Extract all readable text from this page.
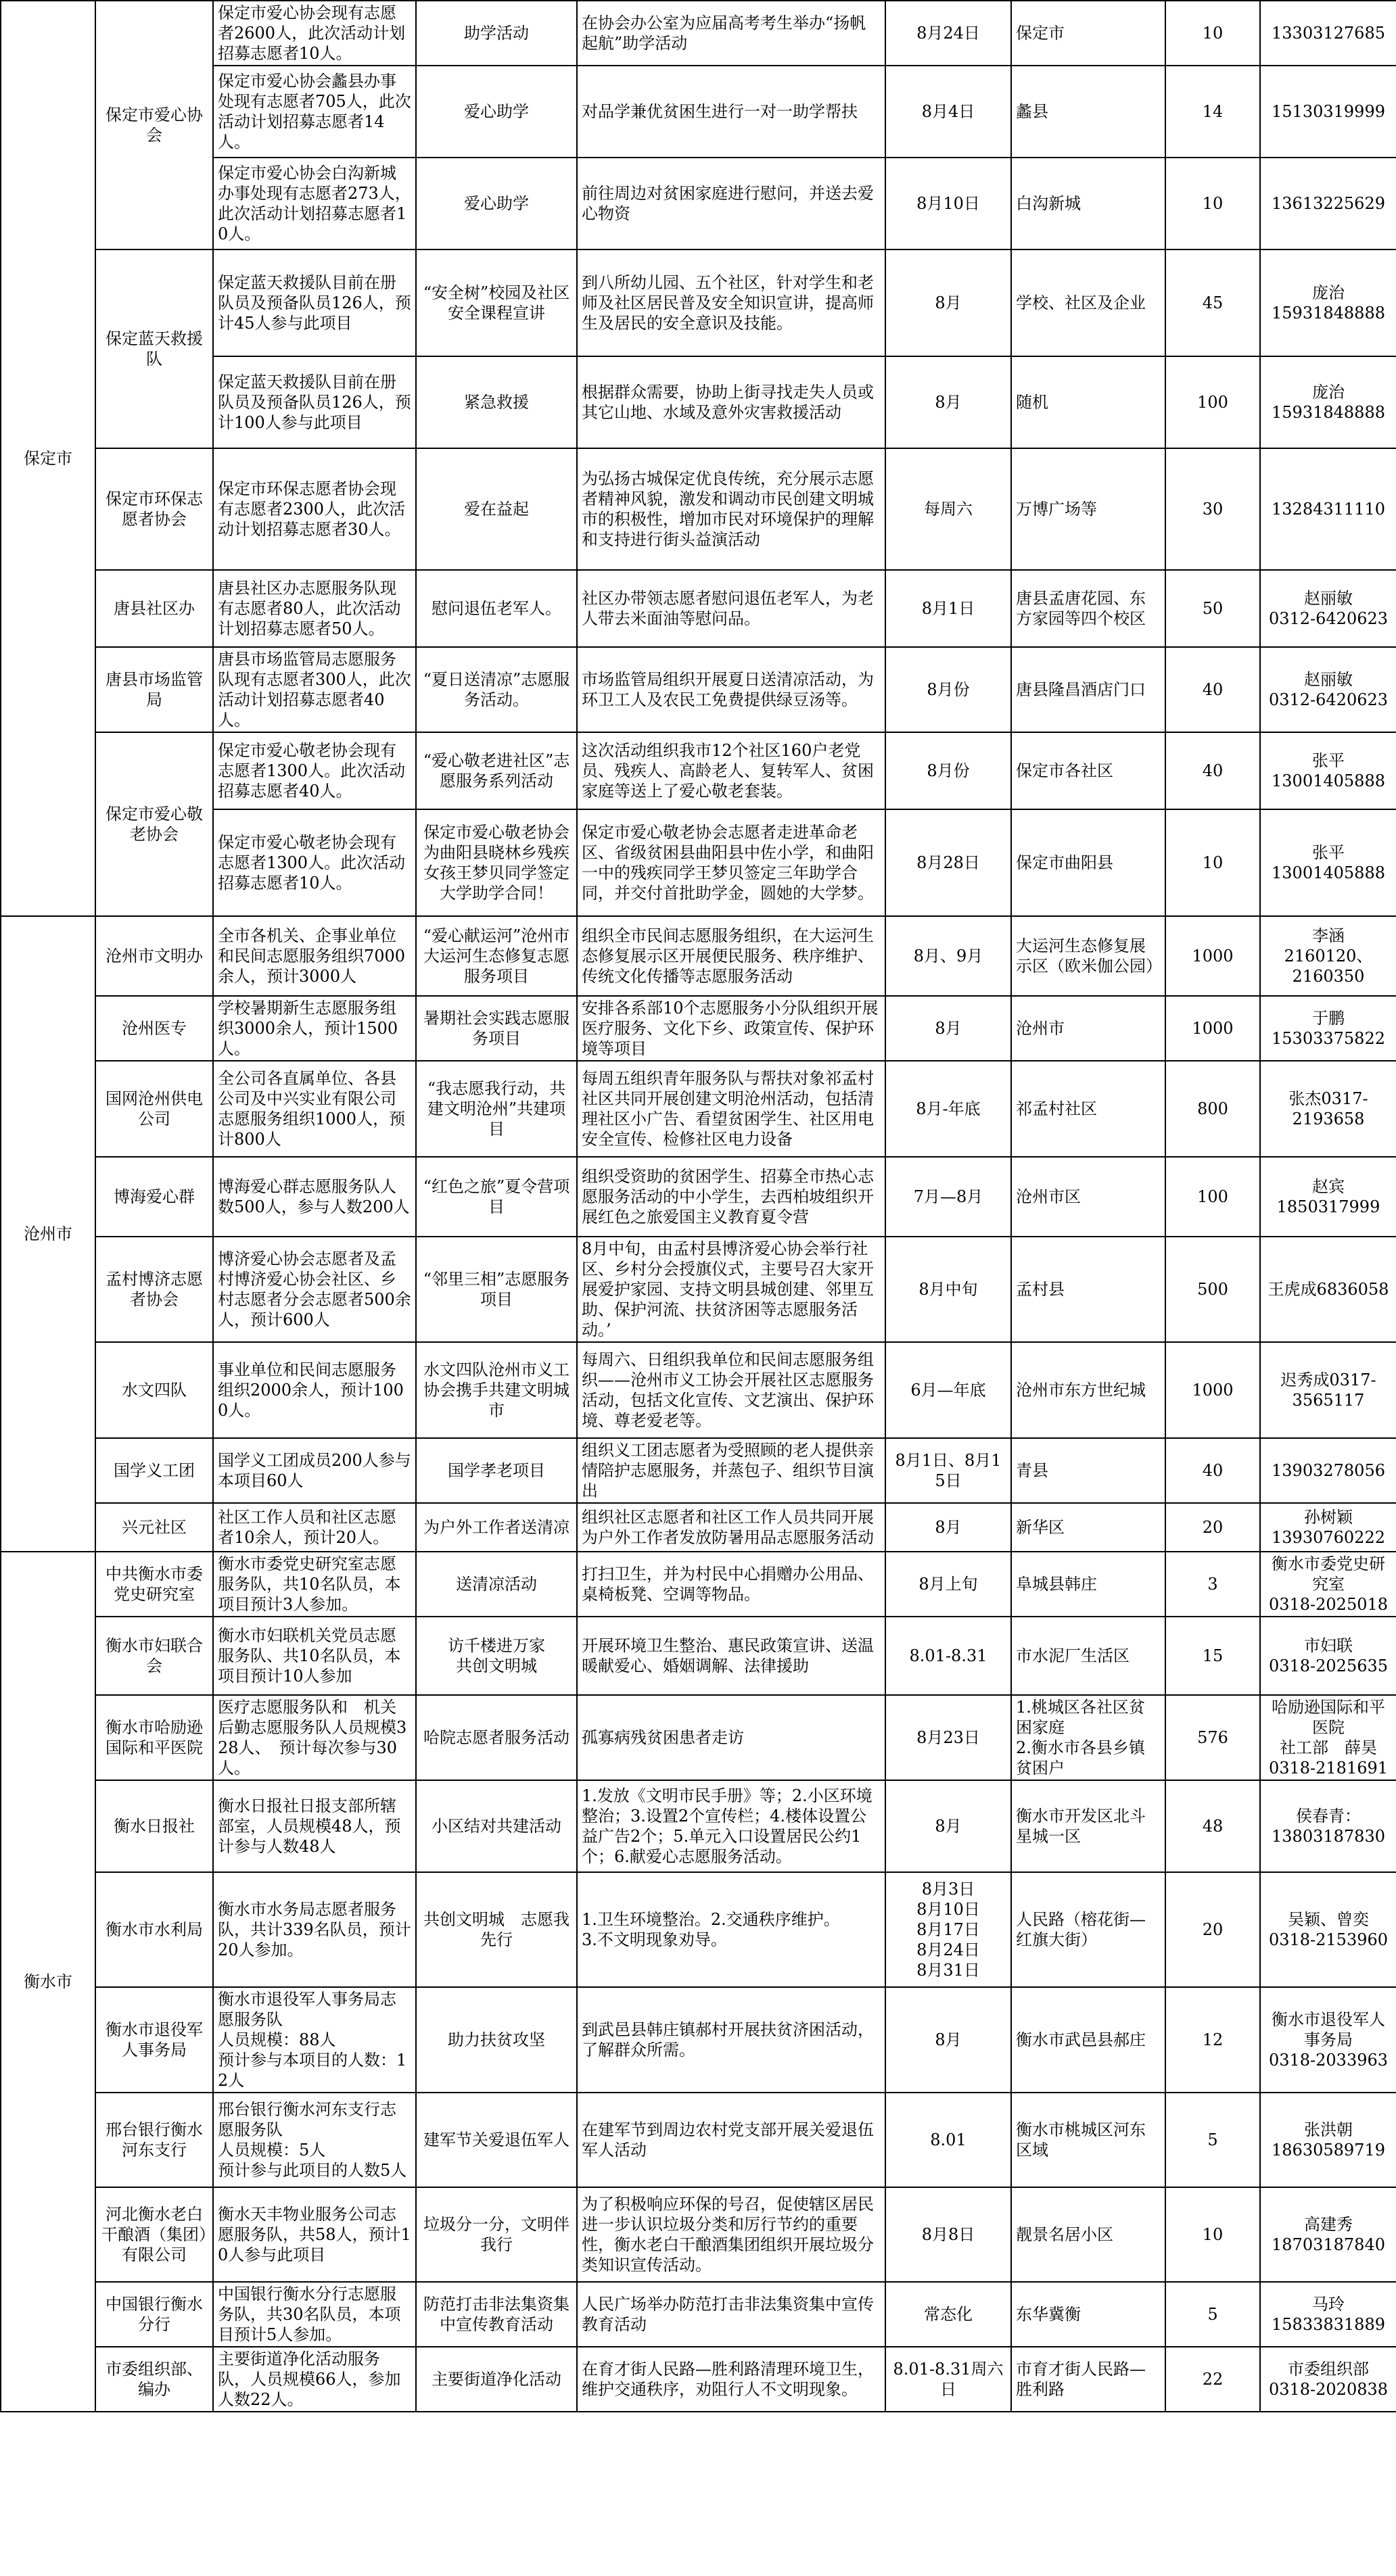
保定市	保定市爱心协会	保定市爱心协会现有志愿者2600人，此次活动计划招募志愿者10人。	助学活动	在协会办公室为应届高考考生举办“扬帆起航”助学活动	8月24日	保定市	10	13303127685
		保定市爱心协会蠡县办事处现有志愿者705人，此次活动计划招募志愿者14人。	爱心助学	对品学兼优贫困生进行一对一助学帮扶	8月4日	蠡县	14	15130319999
		保定市爱心协会白沟新城办事处现有志愿者273人，此次活动计划招募志愿者10人。	爱心助学	前往周边对贫困家庭进行慰问，并送去爱心物资	8月10日	白沟新城	10	13613225629
	保定蓝天救援队	保定蓝天救援队目前在册队员及预备队员126人，预计45人参与此项目	“安全树”校园及社区安全课程宣讲	到八所幼儿园、五个社区，针对学生和老师及社区居民普及安全知识宣讲，提高师生及居民的安全意识及技能。	8月	学校、社区及企业	45	庞治
15931848888
		保定蓝天救援队目前在册队员及预备队员126人，预计100人参与此项目	紧急救援	根据群众需要，协助上街寻找走失人员或其它山地、水域及意外灾害救援活动	8月	随机	100	庞治
15931848888
	保定市环保志愿者协会	保定市环保志愿者协会现有志愿者2300人，此次活动计划招募志愿者30人。	爱在益起	为弘扬古城保定优良传统，充分展示志愿者精神风貌，激发和调动市民创建文明城市的积极性，增加市民对环境保护的理解和支持进行街头益演活动	每周六	万博广场等	30	13284311110
	唐县社区办	唐县社区办志愿服务队现有志愿者80人，此次活动计划招募志愿者50人。	慰问退伍老军人。	社区办带领志愿者慰问退伍老军人，为老人带去米面油等慰问品。	8月1日	唐县孟唐花园、东方家园等四个校区	50	赵丽敏
0312-6420623
	唐县市场监管局	唐县市场监管局志愿服务队现有志愿者300人，此次活动计划招募志愿者40人。	“夏日送清凉”志愿服务活动。	市场监管局组织开展夏日送清凉活动，为环卫工人及农民工免费提供绿豆汤等。	8月份	唐县隆昌酒店门口	40	赵丽敏
0312-6420623
	保定市爱心敬老协会	保定市爱心敬老协会现有志愿者1300人。此次活动招募志愿者40人。	“爱心敬老进社区”志愿服务系列活动	这次活动组织我市12个社区160户老党员、残疾人、高龄老人、复转军人、贫困家庭等送上了爱心敬老套装。	8月份	保定市各社区	40	张平
13001405888
		保定市爱心敬老协会现有志愿者1300人。此次活动招募志愿者10人。	保定市爱心敬老协会为曲阳县晓林乡残疾女孩王梦贝同学签定大学助学合同！	保定市爱心敬老协会志愿者走进革命老区、省级贫困县曲阳县中佐小学，和曲阳一中的残疾同学王梦贝签定三年助学合同，并交付首批助学金，圆她的大学梦。	8月28日	保定市曲阳县	10	张平
13001405888
沧州市	沧州市文明办	全市各机关、企事业单位和民间志愿服务组织7000余人，预计3000人	“爱心献运河”沧州市大运河生态修复志愿服务项目	组织全市民间志愿服务组织，在大运河生态修复展示区开展便民服务、秩序维护、传统文化传播等志愿服务活动	8月、9月	大运河生态修复展示区（欧米伽公园）	1000	李涵
2160120、
2160350
	沧州医专	学校暑期新生志愿服务组织3000余人，预计1500人。	暑期社会实践志愿服务项目	安排各系部10个志愿服务小分队组织开展医疗服务、文化下乡、政策宣传、保护环境等项目	8月	沧州市	1000	于鹏
15303375822
	国网沧州供电公司	全公司各直属单位、各县公司及中兴实业有限公司志愿服务组织1000人，预计800人	“我志愿我行动，共建文明沧州”共建项目	每周五组织青年服务队与帮扶对象祁孟村社区共同开展创建文明沧州活动，包括清理社区小广告、看望贫困学生、社区用电安全宣传、检修社区电力设备	8月-年底	祁孟村社区	800	张杰0317-
2193658
	博海爱心群	博海爱心群志愿服务队人数500人，参与人数200人	“红色之旅”夏令营项目	组织受资助的贫困学生、招募全市热心志愿服务活动的中小学生，去西柏坡组织开展红色之旅爱国主义教育夏令营	7月—8月	沧州市区	100	赵宾
1850317999
	孟村博济志愿者协会	博济爱心协会志愿者及孟村博济爱心协会社区、乡村志愿者分会志愿者500余人，预计600人	“邻里三相”志愿服务项目	8月中旬，由孟村县博济爱心协会举行社区、乡村分会授旗仪式，主要号召大家开展爱护家园、支持文明县城创建、邻里互助、保护河流、扶贫济困等志愿服务活动。’	8月中旬	孟村县	500	王虎成6836058
	水文四队	事业单位和民间志愿服务组织2000余人，预计1000人。	水文四队沧州市义工协会携手共建文明城市	每周六、日组织我单位和民间志愿服务组织——沧州市义工协会开展社区志愿服务活动，包括文化宣传、文艺演出、保护环境、尊老爱老等。	6月—年底	沧州市东方世纪城	1000	迟秀成0317-
3565117
	国学义工团	国学义工团成员200人参与本项目60人	国学孝老项目	组织义工团志愿者为受照顾的老人提供亲情陪护志愿服务，并蒸包子、组织节目演出	8月1日、8月15日	青县	40	13903278056
	兴元社区	社区工作人员和社区志愿者10余人，预计20人。	为户外工作者送清凉	组织社区志愿者和社区工作人员共同开展为户外工作者发放防暑用品志愿服务活动	8月	新华区	20	孙树颖
13930760222
衡水市	中共衡水市委党史研究室	衡水市委党史研究室志愿服务队，共10名队员，本项目预计3人参加。	送清凉活动	打扫卫生，并为村民中心捐赠办公用品、桌椅板凳、空调等物品。	8月上旬	阜城县韩庄	3	衡水市委党史研究室
0318-2025018
	衡水市妇联合会	衡水市妇联机关党员志愿服务队、共10名队员，本项目预计10人参加	访千楼进万家
共创文明城	开展环境卫生整治、惠民政策宣讲、送温暖献爱心、婚姻调解、法律援助	8.01-8.31	市水泥厂生活区	15	市妇联
0318-2025635
	衡水市哈励逊国际和平医院	医疗志愿服务队和　机关后勤志愿服务队人员规模328人、　预计每次参与30人。	哈院志愿者服务活动	孤寡病残贫困患者走访	8月23日	1.桃城区各社区贫困家庭
2.衡水市各县乡镇贫困户	576	哈励逊国际和平医院
社工部　薛昊
0318-2181691
	衡水日报社	衡水日报社日报支部所辖部室，人员规模48人，预计参与人数48人	小区结对共建活动	1.发放《文明市民手册》等；2.小区环境整治；3.设置2个宣传栏；4.楼体设置公益广告2个；5.单元入口设置居民公约1个；6.献爱心志愿服务活动。	8月	衡水市开发区北斗星城一区	48	侯春青：
13803187830
	衡水市水利局	衡水市水务局志愿者服务队，共计339名队员，预计20人参加。	共创文明城　志愿我先行	1.卫生环境整治。2.交通秩序维护。
3.不文明现象劝导。	8月3日
8月10日
8月17日
8月24日
8月31日	人民路（榕花街—红旗大街）	20	吴颖、曾奕
0318-2153960
	衡水市退役军人事务局	衡水市退役军人事务局志愿服务队
人员规模：88人
预计参与本项目的人数：12人	助力扶贫攻坚	到武邑县韩庄镇郝村开展扶贫济困活动，了解群众所需。	8月	衡水市武邑县郝庄	12	衡水市退役军人事务局
0318-2033963
	邢台银行衡水河东支行	邢台银行衡水河东支行志愿服务队
人员规模：5人
预计参与此项目的人数5人	建军节关爱退伍军人	在建军节到周边农村党支部开展关爱退伍军人活动	8.01	衡水市桃城区河东区域	5	张洪朝
18630589719
	河北衡水老白干酿酒（集团）有限公司	衡水天丰物业服务公司志愿服务队，共58人，预计10人参与此项目	垃圾分一分，文明伴我行	为了积极响应环保的号召，促使辖区居民进一步认识垃圾分类和厉行节约的重要性，衡水老白干酿酒集团组织开展垃圾分类知识宣传活动。	8月8日	靓景名居小区	10	高建秀
18703187840
	中国银行衡水分行	中国银行衡水分行志愿服务队，共30名队员，本项目预计5人参加。	防范打击非法集资集中宣传教育活动	人民广场举办防范打击非法集资集中宣传教育活动	常态化	东华冀衡	5	马玲
15833831889
	市委组织部、编办	主要街道净化活动服务队，人员规模66人，参加人数22人。	主要街道净化活动	在育才街人民路—胜利路清理环境卫生，维护交通秩序，劝阻行人不文明现象。	8.01-8.31周六日	市育才街人民路—胜利路	22	市委组织部
0318-2020838
